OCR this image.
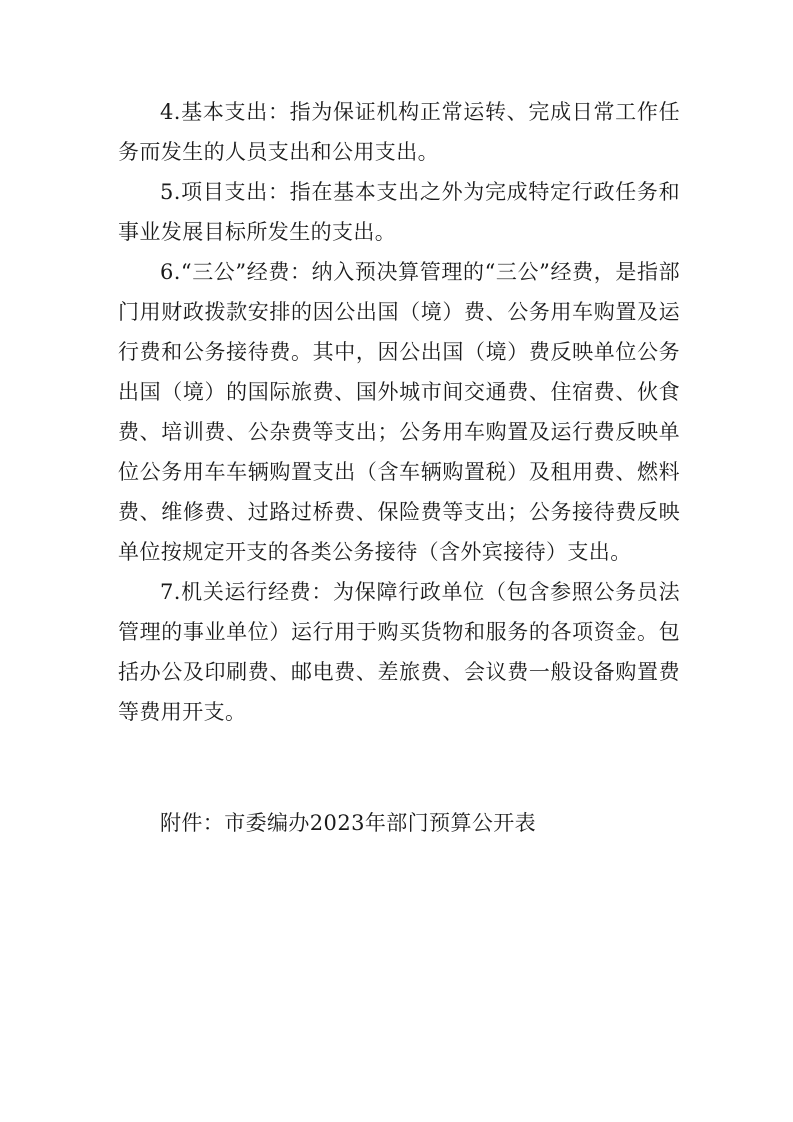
4.基本支出：指为保证机构正常运转、完成日常工作任务而发生的人员支出和公用支出。

5.项目支出：指在基本支出之外为完成特定行政任务和事业发展目标所发生的支出。

6.“三公”经费：纳入预决算管理的“三公”经费，是指部门用财政拨款安排的因公出国（境）费、公务用车购置及运行费和公务接待费。其中，因公出国（境）费反映单位公务出国（境）的国际旅费、国外城市间交通费、住宿费、伙食费、培训费、公杂费等支出；公务用车购置及运行费反映单位公务用车车辆购置支出（含车辆购置税）及租用费、燃料费、维修费、过路过桥费、保险费等支出；公务接待费反映单位按规定开支的各类公务接待（含外宾接待）支出。

7.机关运行经费：为保障行政单位（包含参照公务员法管理的事业单位）运行用于购买货物和服务的各项资金。包括办公及印刷费、邮电费、差旅费、会议费一般设备购置费等费用开支。

附件：市委编办2023年部门预算公开表
